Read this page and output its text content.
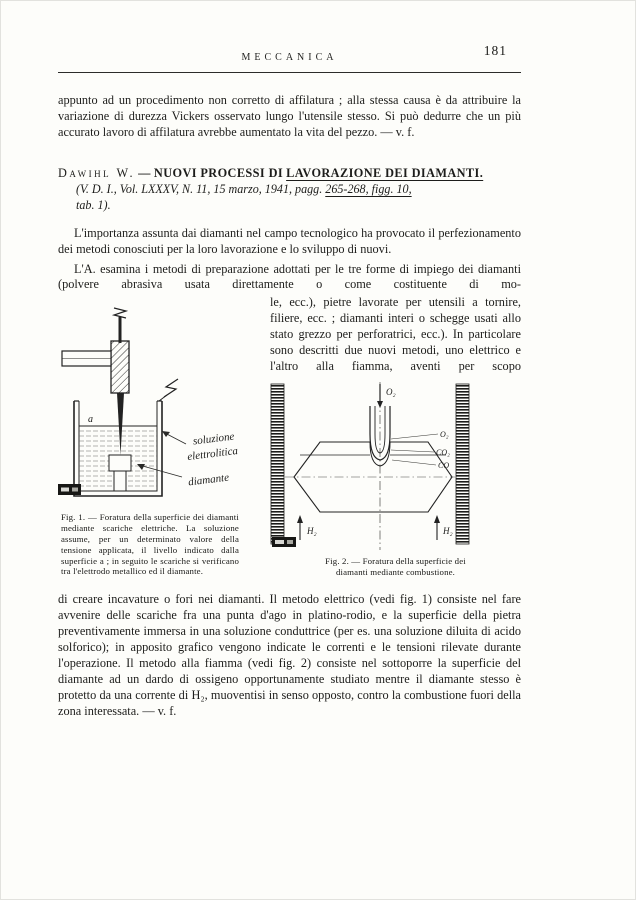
MECCANICA	181

appunto ad un procedimento non corretto di affilatura ; alla stessa causa è da attribuire la variazione di durezza Vickers osservato lungo l'utensile stesso. Si può dedurre che un più accurato lavoro di affilatura avrebbe aumentato la vita del pezzo. — v. f.

Dawihl W. — NUOVI PROCESSI DI LAVORAZIONE DEI DIAMANTI.

(V. D. I., Vol. LXXXV, N. 11, 15 marzo, 1941, pagg. 265-268, figg. 10,
tab. 1).

L'importanza assunta dai diamanti nel campo tecnologico ha provocato il perfezionamento dei metodi conosciuti per la loro lavorazione e lo sviluppo di nuovi.

L'A. esamina i metodi di preparazione adottati per le tre forme di impiego dei diamanti (polvere abrasiva usata direttamente o come costituente di mo-

a
soluzione
elettrolitica
diamante

Fig. 1. — Foratura della superficie dei diamanti mediante scariche elettriche. La soluzione assume, per un determinato valore della tensione applicata, il livello indicato dalla superficie a ; in seguito le scariche si verificano tra l'elettrodo metallico ed il diamante.

le, ecc.), pietre lavorate per utensili a tornire, filiere, ecc. ; diamanti interi o schegge usati allo stato grezzo per perforatrici, ecc.). In particolare sono descritti due nuovi metodi, uno elettrico e l'altro alla fiamma, aventi per scopo

O₂
O₂
CO₂
CO
H₂	H₂

Fig. 2. — Foratura della superficie dei
diamanti mediante combustione.

di creare incavature o fori nei diamanti. Il metodo elettrico (vedi fig. 1) consiste nel fare avvenire delle scariche fra una punta d'ago in platino-rodio, e la superficie della pietra preventivamente immersa in una soluzione conduttrice (per es. una soluzione diluita di acido solforico); in apposito grafico vengono indicate le correnti e le tensioni rilevate durante l'operazione. Il metodo alla fiamma (vedi fig. 2) consiste nel sottoporre la superficie del diamante ad un dardo di ossigeno opportunamente studiato mentre il diamante stesso è protetto da una corrente di H₂, muoventisi in senso opposto, contro la combustione fuori della zona interessata. — v. f.
